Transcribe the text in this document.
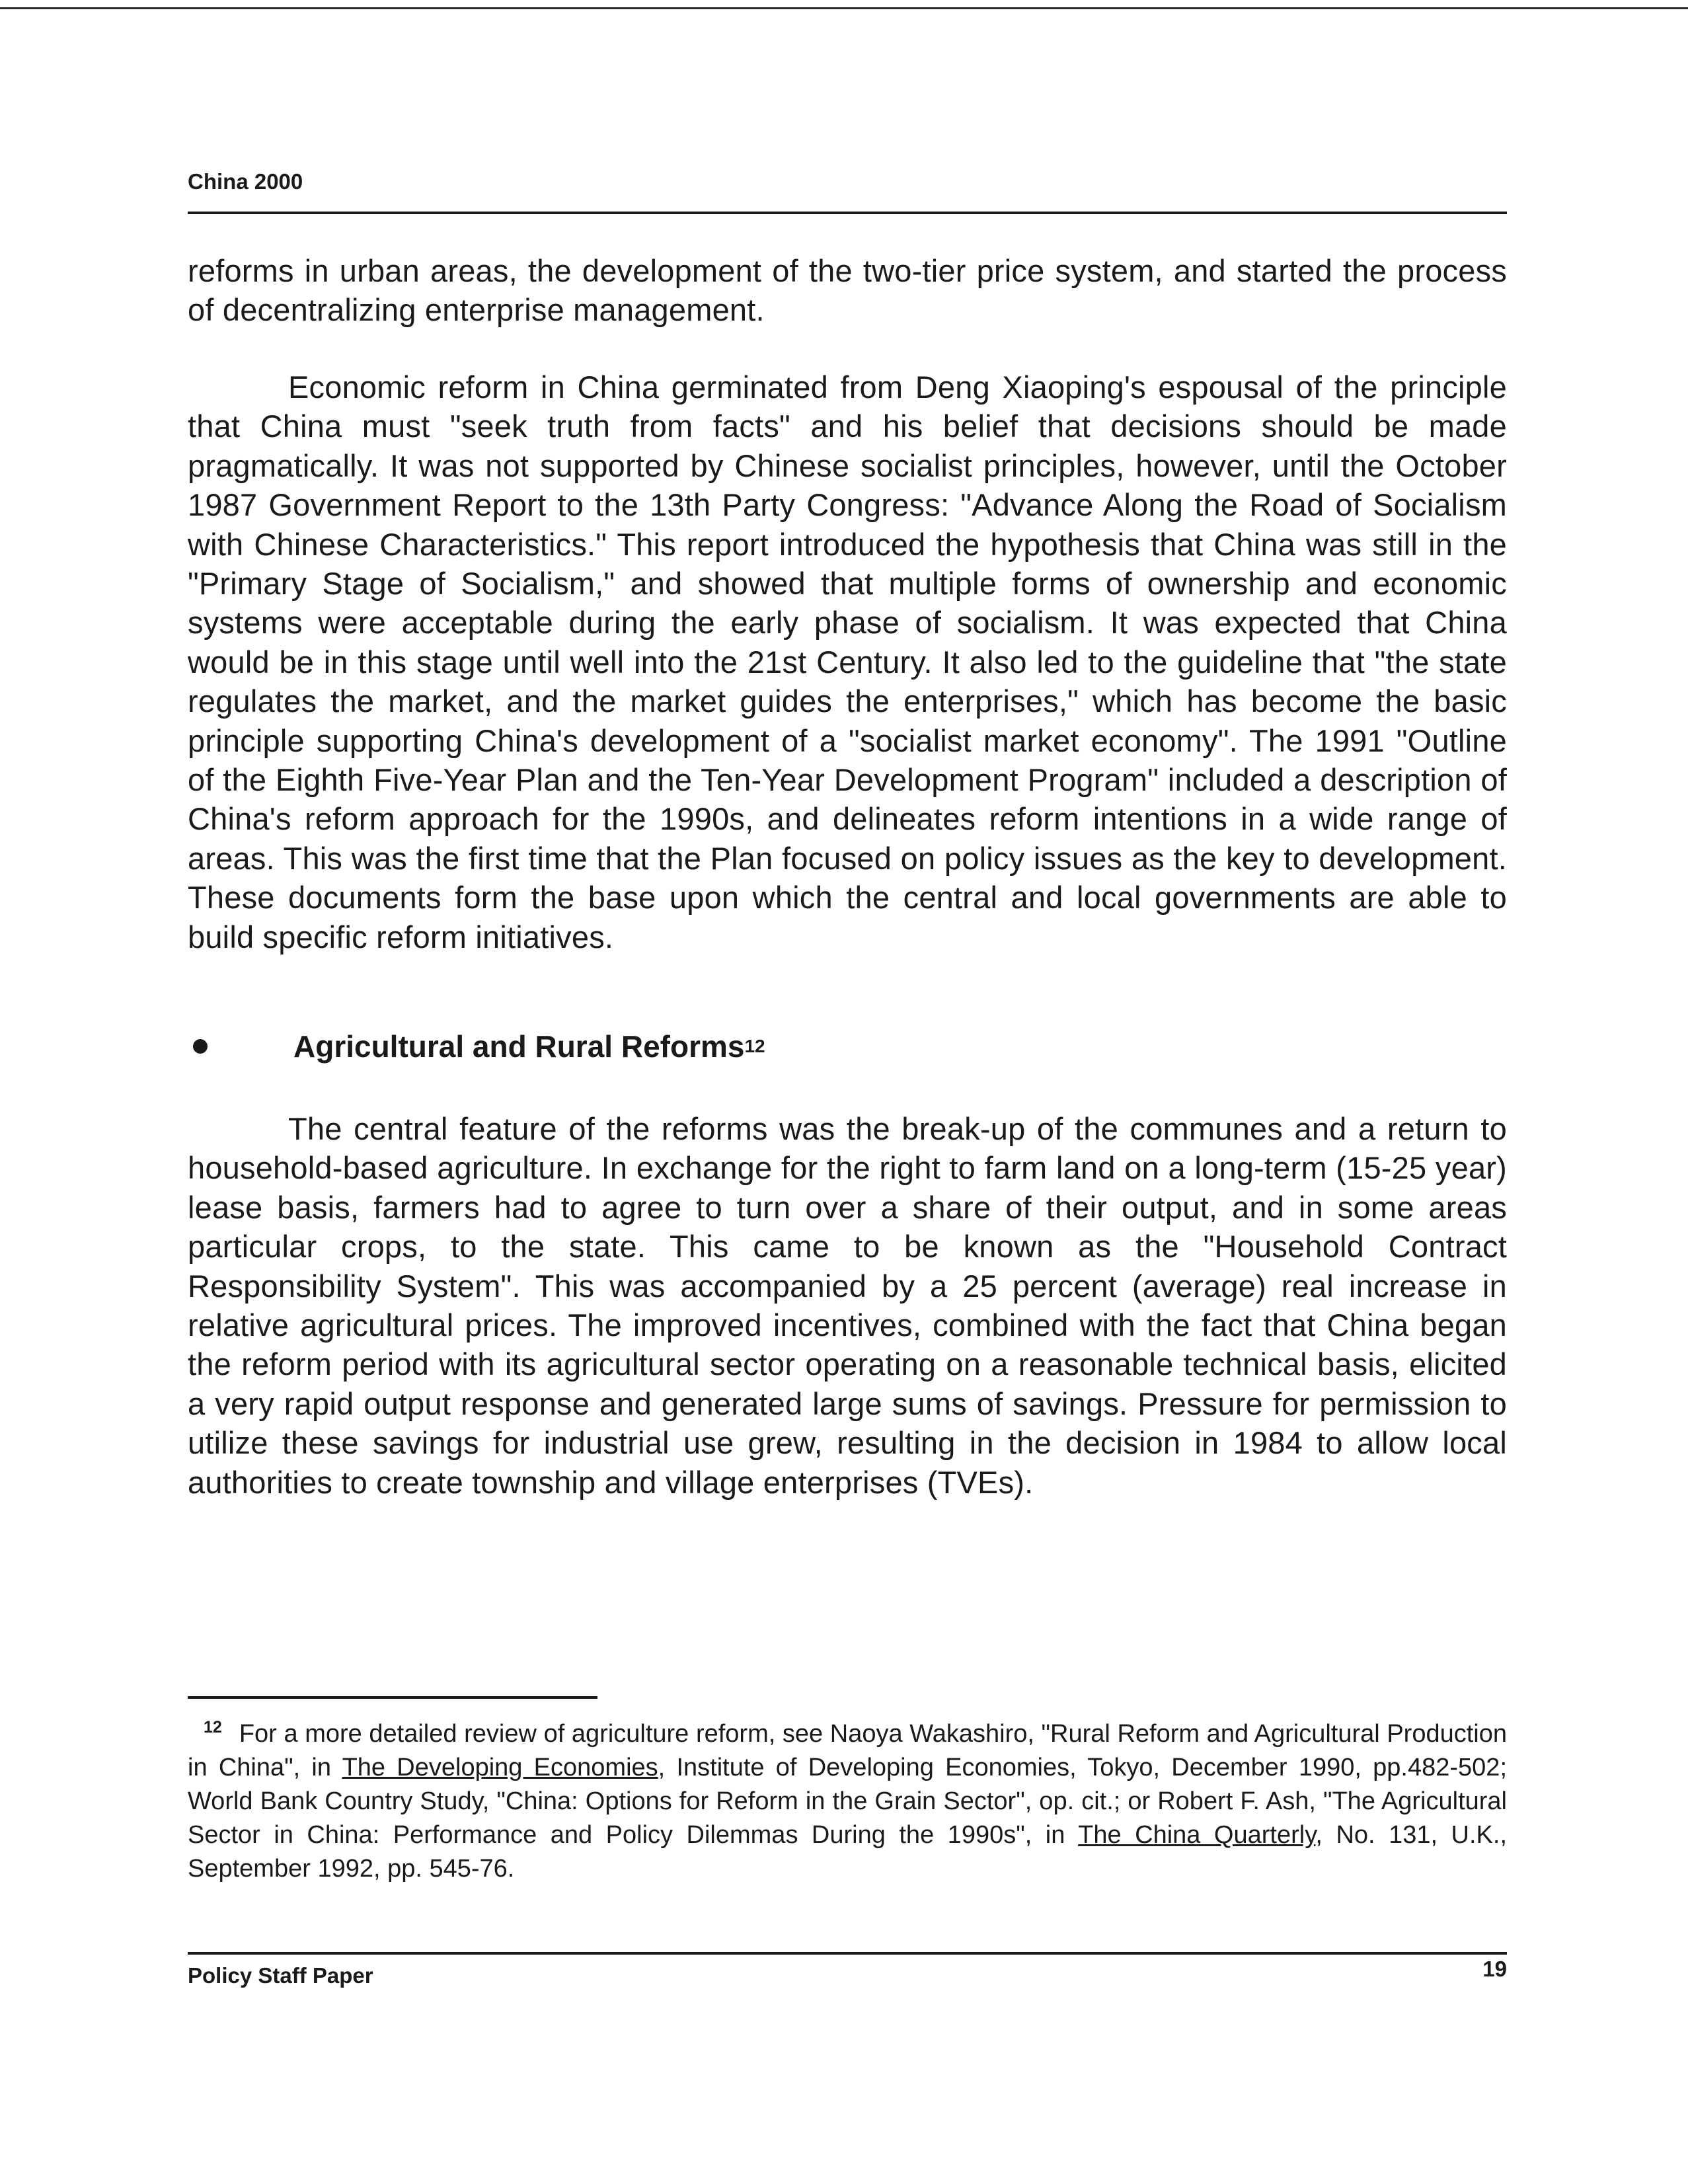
China 2000

reforms in urban areas, the development of the two-tier price system, and started the process of decentralizing enterprise management.

Economic reform in China germinated from Deng Xiaoping's espousal of the principle that China must "seek truth from facts" and his belief that decisions should be made pragmatically. It was not supported by Chinese socialist principles, however, until the October 1987 Government Report to the 13th Party Congress: "Advance Along the Road of Socialism with Chinese Characteristics." This report introduced the hypothesis that China was still in the "Primary Stage of Socialism," and showed that multiple forms of ownership and economic systems were acceptable during the early phase of socialism. It was expected that China would be in this stage until well into the 21st Century. It also led to the guideline that "the state regulates the market, and the market guides the enterprises," which has become the basic principle supporting China's development of a "socialist market economy". The 1991 "Outline of the Eighth Five-Year Plan and the Ten-Year Development Program" included a description of China's reform approach for the 1990s, and delineates reform intentions in a wide range of areas. This was the first time that the Plan focused on policy issues as the key to development. These documents form the base upon which the central and local governments are able to build specific reform initiatives.

Agricultural and Rural Reforms 12

The central feature of the reforms was the break-up of the communes and a return to household-based agriculture. In exchange for the right to farm land on a long-term (15-25 year) lease basis, farmers had to agree to turn over a share of their output, and in some areas particular crops, to the state. This came to be known as the "Household Contract Responsibility System". This was accompanied by a 25 percent (average) real increase in relative agricultural prices. The improved incentives, combined with the fact that China began the reform period with its agricultural sector operating on a reasonable technical basis, elicited a very rapid output response and generated large sums of savings. Pressure for permission to utilize these savings for industrial use grew, resulting in the decision in 1984 to allow local authorities to create township and village enterprises (TVEs).

$^{12}$ For a more detailed review of agriculture reform, see Naoya Wakashiro, "Rural Reform and Agricultural Production in China", in The Developing Economies, Institute of Developing Economies, Tokyo, December 1990, pp.482-502; World Bank Country Study, "China: Options for Reform in the Grain Sector", op. cit.; or Robert F. Ash, "The Agricultural Sector in China: Performance and Policy Dilemmas During the 1990s", in The China Quarterly, No. 131, U.K., September 1992, pp. 545-76.
Policy Staff Paper	19
